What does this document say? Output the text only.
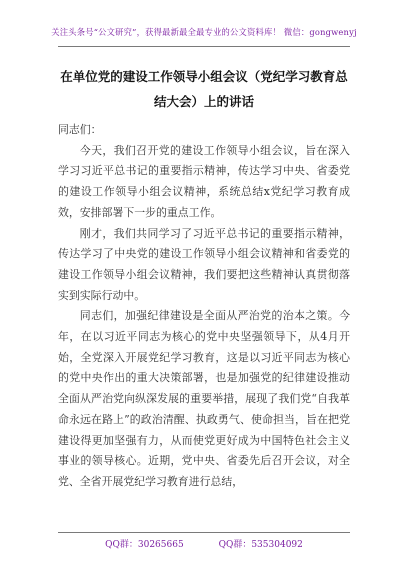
关注头条号“公文研究”，获得最新最全最专业的公文资料库！ 微信：gongwenyj
在单位党的建设工作领导小组会议（党纪学习教育总结大会）上的讲话

同志们：

今天，我们召开党的建设工作领导小组会议，旨在深入学习习近平总书记的重要指示精神，传达学习中央、省委党的建设工作领导小组会议精神，系统总结x党纪学习教育成效，安排部署下一步的重点工作。

刚才，我们共同学习了习近平总书记的重要指示精神，传达学习了中央党的建设工作领导小组会议精神和省委党的建设工作领导小组会议精神，我们要把这些精神认真贯彻落实到实际行动中。

同志们，加强纪律建设是全面从严治党的治本之策。今年，在以习近平同志为核心的党中央坚强领导下，从4月开始，全党深入开展党纪学习教育，这是以习近平同志为核心的党中央作出的重大决策部署，也是加强党的纪律建设推动全面从严治党向纵深发展的重要举措，展现了我们党“自我革命永远在路上”的政治清醒、执政勇气、使命担当，旨在把党建设得更加坚强有力，从而使党更好成为中国特色社会主义事业的领导核心。近期，党中央、省委先后召开会议，对全党、全省开展党纪学习教育进行总结，

QQ群：30265665	QQ群：535304092
